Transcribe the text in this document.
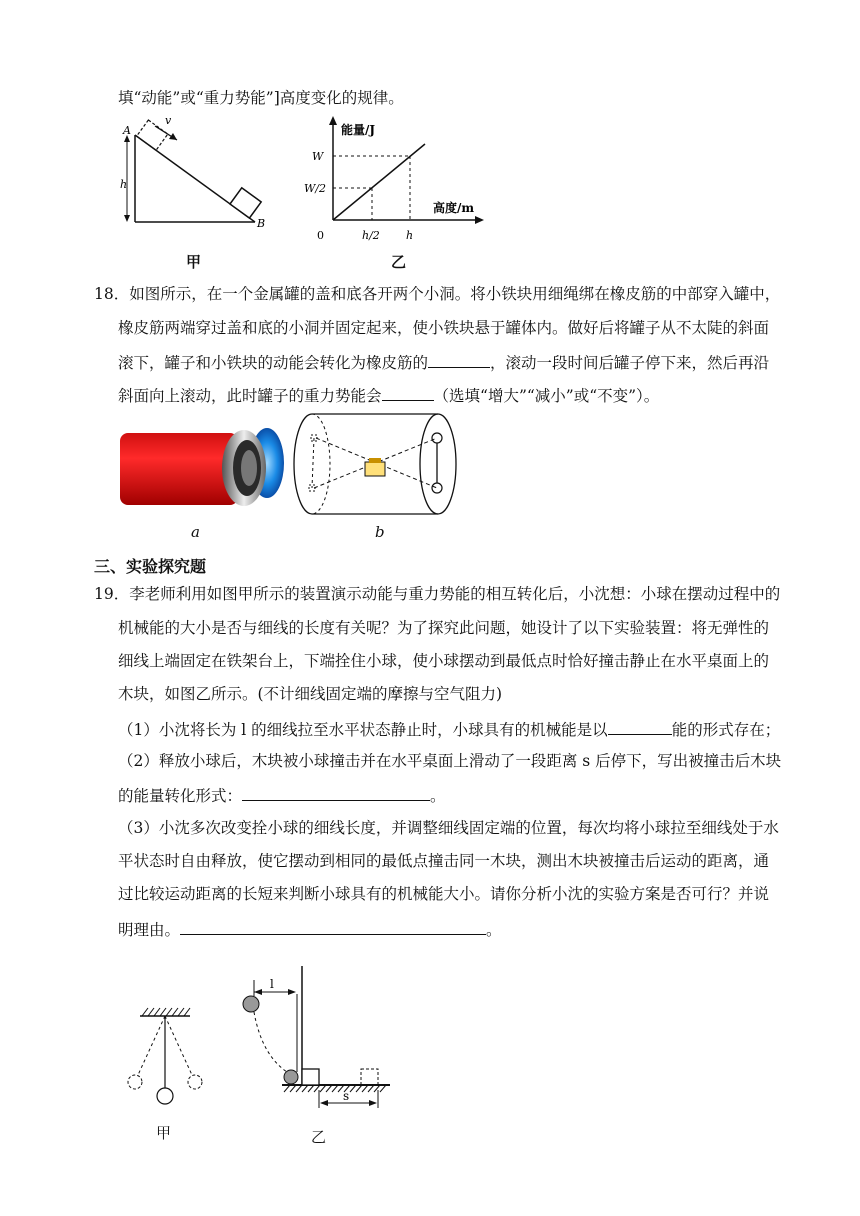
填“动能”或“重力势能”]高度变化的规律。
v
h
A
B
甲
能量/J
高度/m
W
W/2
0	h/2 h
乙
18．如图所示，在一个金属罐的盖和底各开两个小洞。将小铁块用细绳绑在橡皮筋的中部穿入罐中，
橡皮筋两端穿过盖和底的小洞并固定起来，使小铁块悬于罐体内。做好后将罐子从不太陡的斜面
滚下，罐子和小铁块的动能会转化为橡皮筋的	，滚动一段时间后罐子停下来，然后再沿
斜面向上滚动，此时罐子的重力势能会	（选填“增大”“减小”或“不变”）。
a	b
三、实验探究题
19．李老师利用如图甲所示的装置演示动能与重力势能的相互转化后，小沈想：小球在摆动过程中的
机械能的大小是否与细线的长度有关呢？为了探究此问题，她设计了以下实验装置：将无弹性的
细线上端固定在铁架台上，下端拴住小球，使小球摆动到最低点时恰好撞击静止在水平桌面上的
木块，如图乙所示。(不计细线固定端的摩擦与空气阻力)
（1）小沈将长为 l 的细线拉至水平状态静止时，小球具有的机械能是以	能的形式存在；
（2）释放小球后，木块被小球撞击并在水平桌面上滑动了一段距离 s 后停下，写出被撞击后木块
的能量转化形式：	。
（3）小沈多次改变拴小球的细线长度，并调整细线固定端的位置，每次均将小球拉至细线处于水
平状态时自由释放，使它摆动到相同的最低点撞击同一木块，测出木块被撞击后运动的距离，通
过比较运动距离的长短来判断小球具有的机械能大小。请你分析小沈的实验方案是否可行？并说
明理由。	。
甲
l
s
乙
